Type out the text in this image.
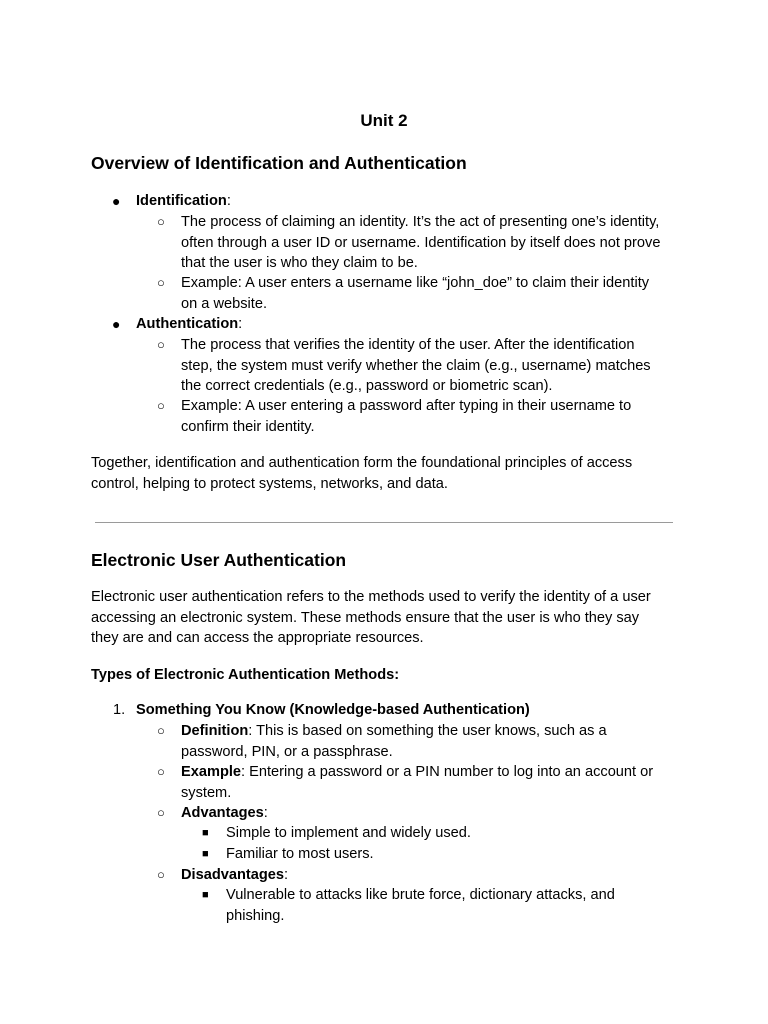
Unit 2
Overview of Identification and Authentication
● Identification:
○ The process of claiming an identity. It’s the act of presenting one’s identity,
often through a user ID or username. Identification by itself does not prove
that the user is who they claim to be.
○ Example: A user enters a username like “john_doe” to claim their identity
on a website.
● Authentication:
○ The process that verifies the identity of the user. After the identification
step, the system must verify whether the claim (e.g., username) matches
the correct credentials (e.g., password or biometric scan).
○ Example: A user entering a password after typing in their username to
confirm their identity.
Together, identification and authentication form the foundational principles of access
control, helping to protect systems, networks, and data.
Electronic User Authentication
Electronic user authentication refers to the methods used to verify the identity of a user
accessing an electronic system. These methods ensure that the user is who they say
they are and can access the appropriate resources.
Types of Electronic Authentication Methods:
1. Something You Know (Knowledge-based Authentication)
○ Definition: This is based on something the user knows, such as a
password, PIN, or a passphrase.
○ Example: Entering a password or a PIN number to log into an account or
system.
○ Advantages:
■ Simple to implement and widely used.
■ Familiar to most users.
○ Disadvantages:
■ Vulnerable to attacks like brute force, dictionary attacks, and
phishing.
